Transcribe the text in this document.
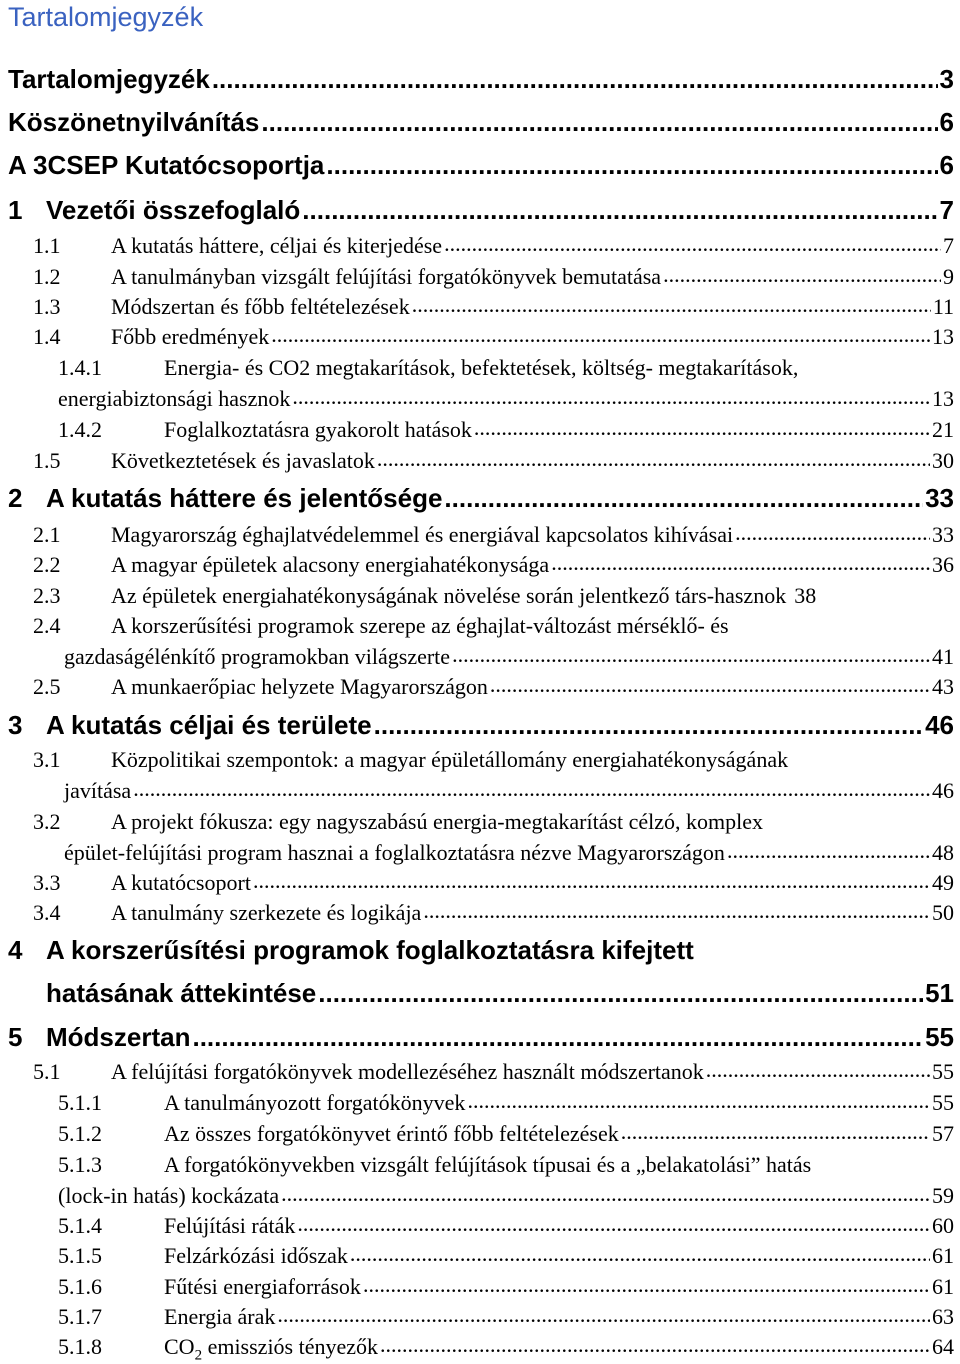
Tartalomjegyzék
Tartalomjegyzék .....	3
Köszönetnyilvánítás .....	6
A 3CSEP Kutatócsoportja .....	6
1 Vezetői összefoglaló .....	7
1.1	A kutatás háttere, céljai és kiterjedése .....	7
1.2	A tanulmányban vizsgált felújítási forgatókönyvek bemutatása .....	9
1.3	Módszertan és főbb feltételezések .....	11
1.4	Főbb eredmények .....	13
1.4.1	Energia- és CO2 megtakarítások, befektetések, költség- megtakarítások,
energiabiztonsági hasznok .....	13
1.4.2	Foglalkoztatásra gyakorolt hatások .....	21
1.5	Következtetések és javaslatok .....	30
2 A kutatás háttere és jelentősége .....	33
2.1	Magyarország éghajlatvédelemmel és energiával kapcsolatos kihívásai .....	33
2.2	A magyar épületek alacsony energiahatékonysága .....	36
2.3	Az épületek energiahatékonyságának növelése során jelentkező társ-hasznok 38
2.4	A korszerűsítési programok szerepe az éghajlat-változást mérséklő- és
gazdaságélénkítő programokban világszerte .....	41
2.5	A munkaerőpiac helyzete Magyarországon .....	43
3 A kutatás céljai és területe .....	46
3.1	Közpolitikai szempontok: a magyar épületállomány energiahatékonyságának
javítása .....	46
3.2	A projekt fókusza: egy nagyszabású energia-megtakarítást célzó, komplex
épület-felújítási program hasznai a foglalkoztatásra nézve Magyarországon .....	48
3.3	A kutatócsoport .....	49
3.4	A tanulmány szerkezete és logikája .....	50
4 A korszerűsítési programok foglalkoztatásra kifejtett
hatásának áttekintése .....	51
5 Módszertan .....	55
5.1	A felújítási forgatókönyvek modellezéséhez használt módszertanok .....	55
5.1.1	A tanulmányozott forgatókönyvek .....	55
5.1.2	Az összes forgatókönyvet érintő főbb feltételezések .....	57
5.1.3	A forgatókönyvekben vizsgált felújítások típusai és a „belakatolási” hatás
(lock-in hatás) kockázata .....	59
5.1.4	Felújítási ráták .....	60
5.1.5	Felzárkózási időszak .....	61
5.1.6	Fűtési energiaforrások .....	61
5.1.7	Energia árak .....	63
5.1.8	$CO_2$ emissziós tényezők .....	64
